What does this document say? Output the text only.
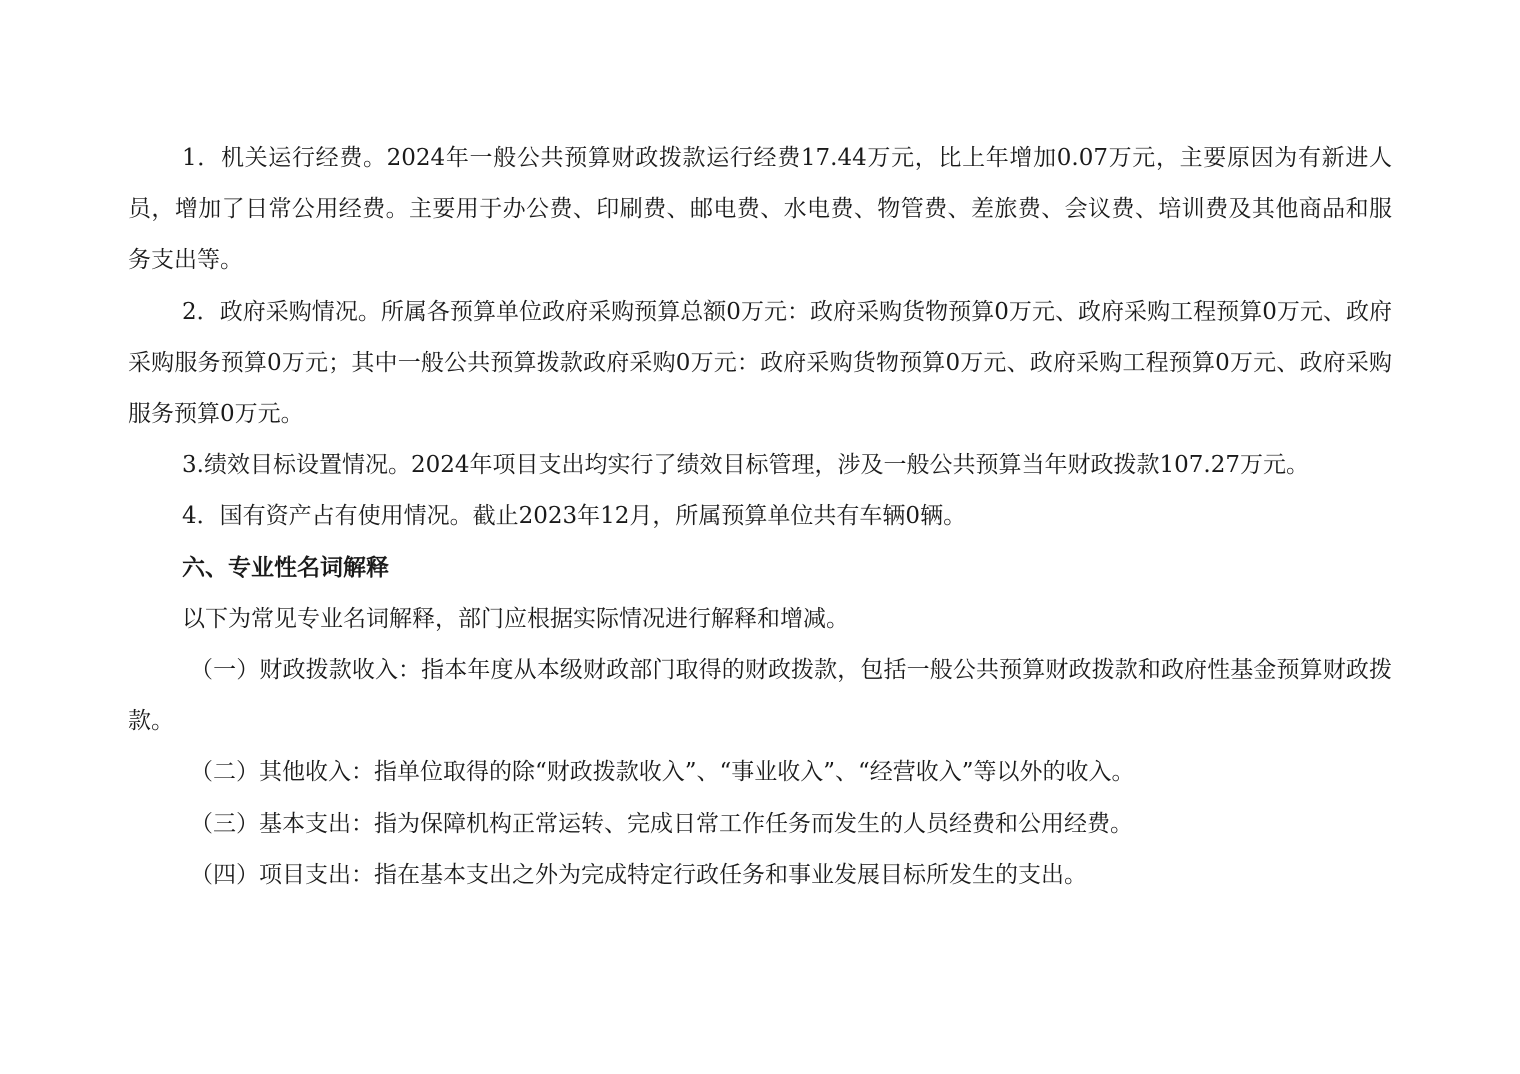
1．机关运行经费。2024年一般公共预算财政拨款运行经费17.44万元，比上年增加0.07万元，主要原因为有新进人员，增加了日常公用经费。主要用于办公费、印刷费、邮电费、水电费、物管费、差旅费、会议费、培训费及其他商品和服务支出等。

2．政府采购情况。所属各预算单位政府采购预算总额0万元：政府采购货物预算0万元、政府采购工程预算0万元、政府采购服务预算0万元；其中一般公共预算拨款政府采购0万元：政府采购货物预算0万元、政府采购工程预算0万元、政府采购服务预算0万元。

3.绩效目标设置情况。2024年项目支出均实行了绩效目标管理，涉及一般公共预算当年财政拨款107.27万元。

4．国有资产占有使用情况。截止2023年12月，所属预算单位共有车辆0辆。

六、专业性名词解释

以下为常见专业名词解释，部门应根据实际情况进行解释和增减。

（一）财政拨款收入：指本年度从本级财政部门取得的财政拨款，包括一般公共预算财政拨款和政府性基金预算财政拨款。

（二）其他收入：指单位取得的除“财政拨款收入”、“事业收入”、“经营收入”等以外的收入。

（三）基本支出：指为保障机构正常运转、完成日常工作任务而发生的人员经费和公用经费。

（四）项目支出：指在基本支出之外为完成特定行政任务和事业发展目标所发生的支出。
